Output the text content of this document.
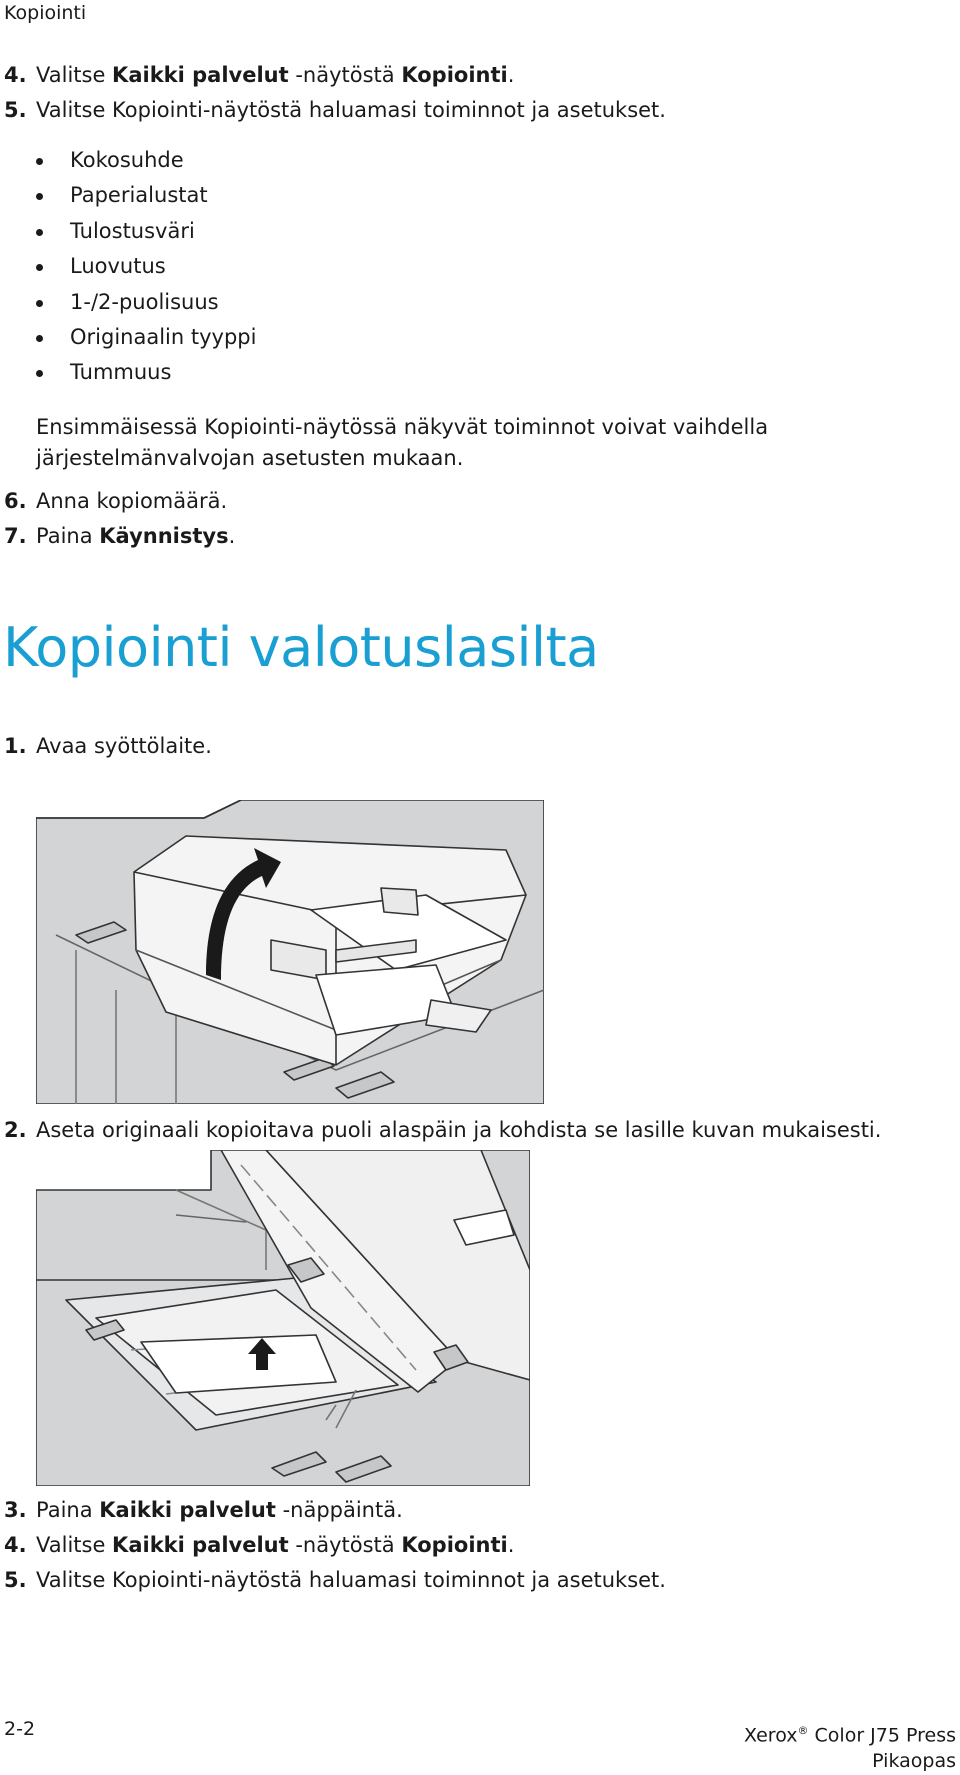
Kopiointi
4. Valitse Kaikki palvelut -näytöstä Kopiointi.
5. Valitse Kopiointi-näytöstä haluamasi toiminnot ja asetukset.
Kokosuhde
Paperialustat
Tulostusväri
Luovutus
1-/2-puolisuus
Originaalin tyyppi
Tummuus
Ensimmäisessä Kopiointi-näytössä näkyvät toiminnot voivat vaihdella järjestelmänvalvojan asetusten mukaan.
6. Anna kopiomäärä.
7. Paina Käynnistys.
Kopiointi valotuslasilta
1. Avaa syöttölaite.
2. Aseta originaali kopioitava puoli alaspäin ja kohdista se lasille kuvan mukaisesti.
3. Paina Kaikki palvelut -näppäintä.
4. Valitse Kaikki palvelut -näytöstä Kopiointi.
5. Valitse Kopiointi-näytöstä haluamasi toiminnot ja asetukset.
2-2	Xerox® Color J75 Press
Pikaopas
